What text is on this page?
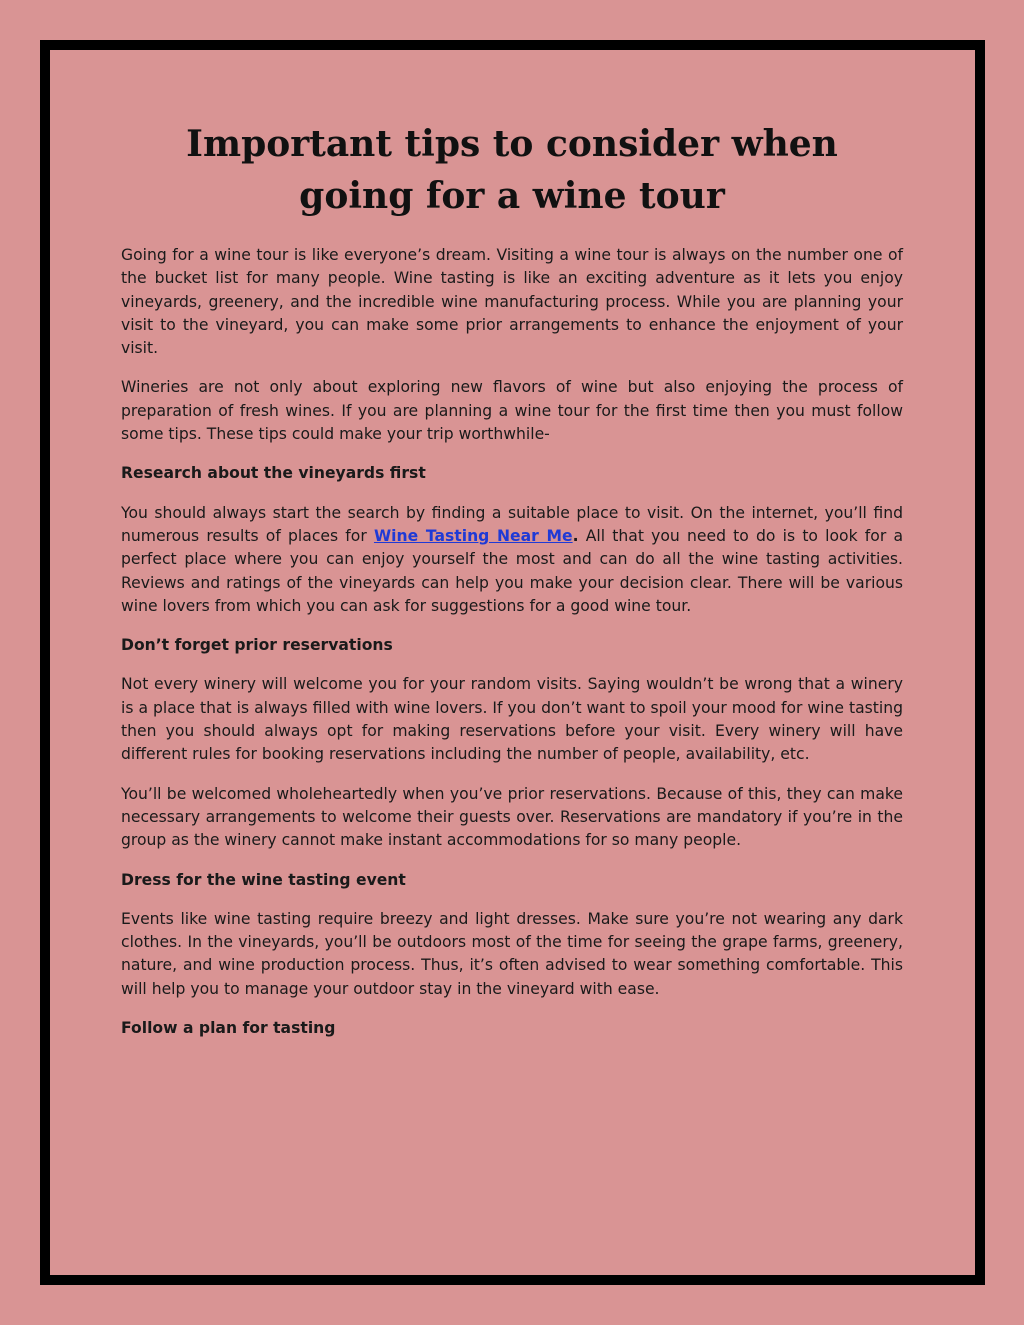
Important tips to consider when going for a wine tour

Going for a wine tour is like everyone’s dream. Visiting a wine tour is always on the number one of the bucket list for many people. Wine tasting is like an exciting adventure as it lets you enjoy vineyards, greenery, and the incredible wine manufacturing process. While you are planning your visit to the vineyard, you can make some prior arrangements to enhance the enjoyment of your visit.

Wineries are not only about exploring new flavors of wine but also enjoying the process of preparation of fresh wines. If you are planning a wine tour for the first time then you must follow some tips. These tips could make your trip worthwhile-

Research about the vineyards first

You should always start the search by finding a suitable place to visit. On the internet, you’ll find numerous results of places for Wine Tasting Near Me. All that you need to do is to look for a perfect place where you can enjoy yourself the most and can do all the wine tasting activities. Reviews and ratings of the vineyards can help you make your decision clear. There will be various wine lovers from which you can ask for suggestions for a good wine tour.

Don’t forget prior reservations

Not every winery will welcome you for your random visits. Saying wouldn’t be wrong that a winery is a place that is always filled with wine lovers. If you don’t want to spoil your mood for wine tasting then you should always opt for making reservations before your visit. Every winery will have different rules for booking reservations including the number of people, availability, etc.

You’ll be welcomed wholeheartedly when you’ve prior reservations. Because of this, they can make necessary arrangements to welcome their guests over. Reservations are mandatory if you’re in the group as the winery cannot make instant accommodations for so many people.

Dress for the wine tasting event

Events like wine tasting require breezy and light dresses. Make sure you’re not wearing any dark clothes. In the vineyards, you’ll be outdoors most of the time for seeing the grape farms, greenery, nature, and wine production process. Thus, it’s often advised to wear something comfortable. This will help you to manage your outdoor stay in the vineyard with ease.

Follow a plan for tasting
